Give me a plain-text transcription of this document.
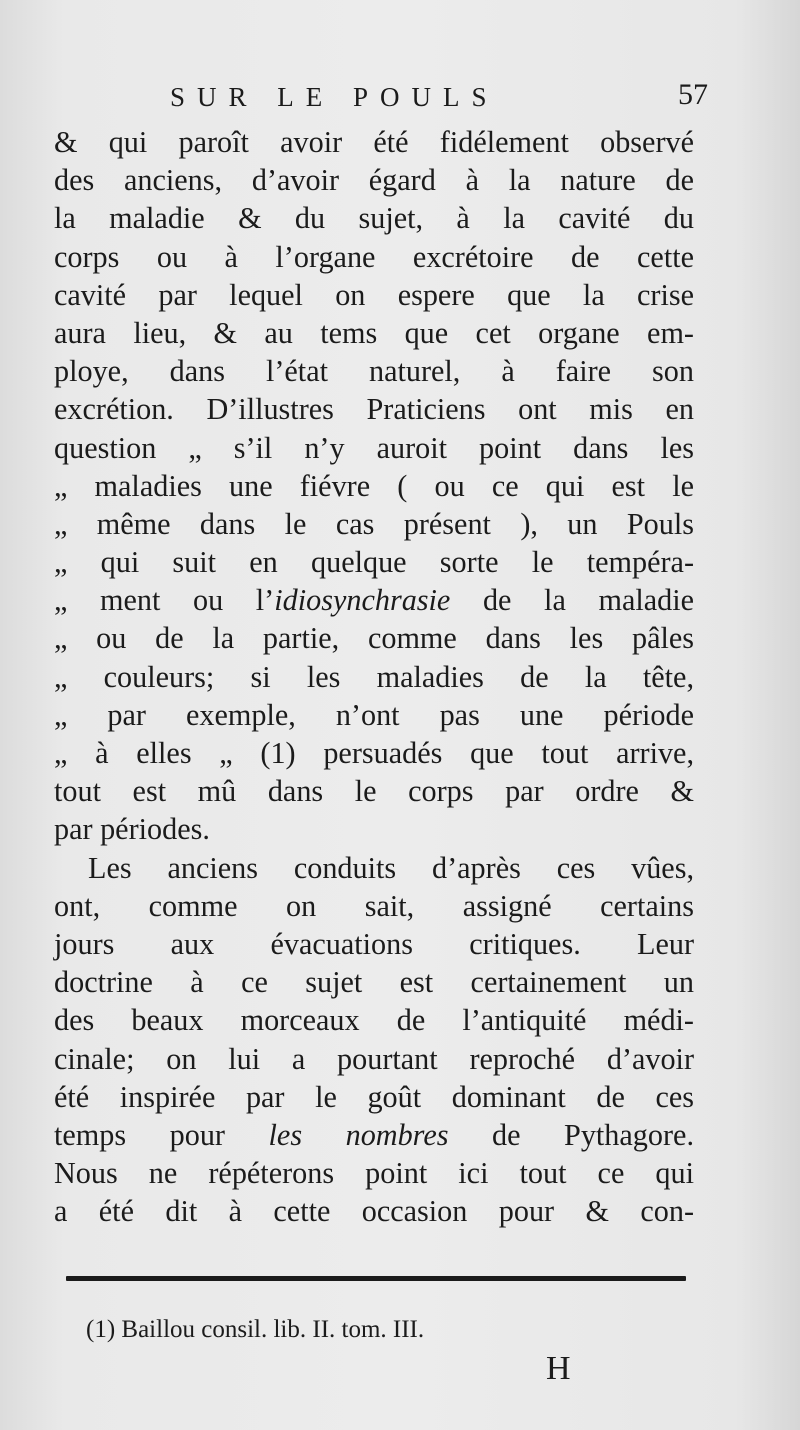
SUR LE POULS	57
& qui paroît avoir été fidélement observé
des anciens, d’avoir égard à la nature de
la maladie & du sujet, à la cavité du
corps ou à l’organe excrétoire de cette
cavité par lequel on espere que la crise
aura lieu, & au tems que cet organe em-
ploye, dans l’état naturel, à faire son
excrétion. D’illustres Praticiens ont mis en
question „ s’il n’y auroit point dans les
„ maladies une fiévre ( ou ce qui est le
„ même dans le cas présent ), un Pouls
„ qui suit en quelque sorte le tempéra-
„ ment ou l’idiosynchrasie de la maladie
„ ou de la partie, comme dans les pâles
„ couleurs; si les maladies de la tête,
„ par exemple, n’ont pas une période
„ à elles „ (1) persuadés que tout arrive,
tout est mû dans le corps par ordre &
par périodes.
Les anciens conduits d’après ces vûes,
ont, comme on sait, assigné certains
jours aux évacuations critiques. Leur
doctrine à ce sujet est certainement un
des beaux morceaux de l’antiquité médi-
cinale; on lui a pourtant reproché d’avoir
été inspirée par le goût dominant de ces
temps pour les nombres de Pythagore.
Nous ne répéterons point ici tout ce qui
a été dit à cette occasion pour & con-
(1) Baillou consil. lib. II. tom. III.
H
